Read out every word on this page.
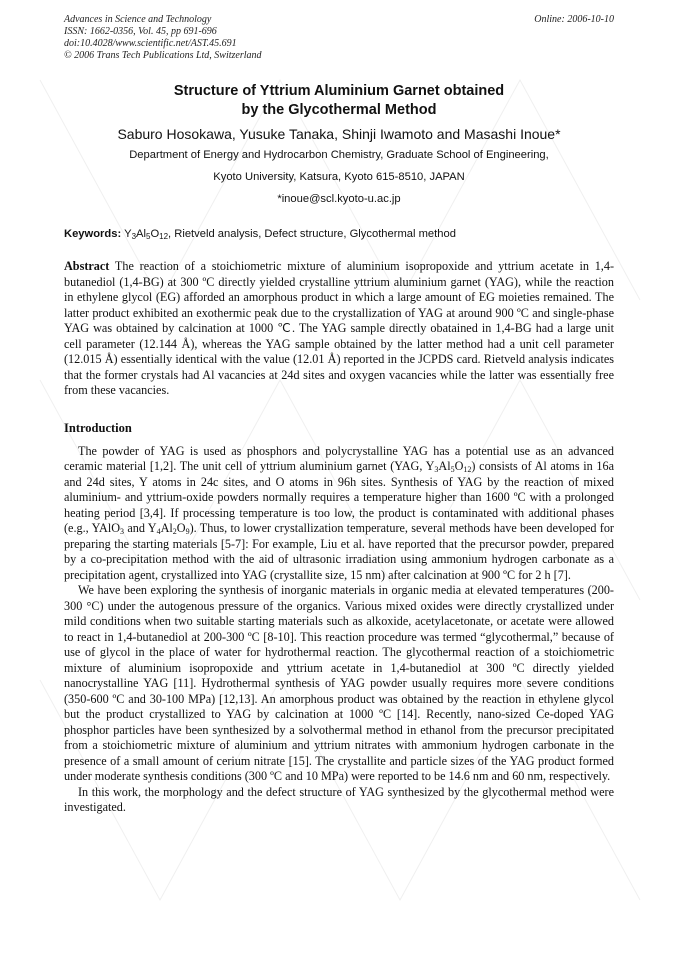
Advances in Science and Technology
ISSN: 1662-0356, Vol. 45, pp 691-696
doi:10.4028/www.scientific.net/AST.45.691
© 2006 Trans Tech Publications Ltd, Switzerland
Online: 2006-10-10
Structure of Yttrium Aluminium Garnet obtained
by the Glycothermal Method
Saburo Hosokawa, Yusuke Tanaka, Shinji Iwamoto and Masashi Inoue*
Department of Energy and Hydrocarbon Chemistry, Graduate School of Engineering,
Kyoto University, Katsura, Kyoto 615-8510, JAPAN
*inoue@scl.kyoto-u.ac.jp
Keywords: $Y_3Al_5O_{12}$, Rietveld analysis, Defect structure, Glycothermal method

Abstract The reaction of a stoichiometric mixture of aluminium isopropoxide and yttrium acetate in 1,4-butanediol (1,4-BG) at 300 ºC directly yielded crystalline yttrium aluminium garnet (YAG), while the reaction in ethylene glycol (EG) afforded an amorphous product in which a large amount of EG moieties remained. The latter product exhibited an exothermic peak due to the crystallization of YAG at around 900 ºC and single-phase YAG was obtained by calcination at 1000 ℃. The YAG sample directly obatained in 1,4-BG had a large unit cell parameter (12.144 Å), whereas the YAG sample obtained by the latter method had a unit cell parameter (12.015 Å) essentially identical with the value (12.01 Å) reported in the JCPDS card. Rietveld analysis indicates that the former crystals had Al vacancies at 24d sites and oxygen vacancies while the latter was essentially free from these vacancies.

Introduction

The powder of YAG is used as phosphors and polycrystalline YAG has a potential use as an advanced ceramic material [1,2]. The unit cell of yttrium aluminium garnet (YAG, $Y_3Al_5O_{12}$) consists of Al atoms in 16a and 24d sites, Y atoms in 24c sites, and O atoms in 96h sites. Synthesis of YAG by the reaction of mixed aluminium- and yttrium-oxide powders normally requires a temperature higher than 1600 ºC with a prolonged heating period [3,4]. If processing temperature is too low, the product is contaminated with additional phases (e.g., YAlO$_3$ and $Y_4Al_2O_9$). Thus, to lower crystallization temperature, several methods have been developed for preparing the starting materials [5-7]: For example, Liu et al. have reported that the precursor powder, prepared by a co-precipitation method with the aid of ultrasonic irradiation using ammonium hydrogen carbonate as a precipitation agent, crystallized into YAG (crystallite size, 15 nm) after calcination at 900 ºC for 2 h [7].

We have been exploring the synthesis of inorganic materials in organic media at elevated temperatures (200-300 °C) under the autogenous pressure of the organics. Various mixed oxides were directly crystallized under mild conditions when two suitable starting materials such as alkoxide, acetylacetonate, or acetate were allowed to react in 1,4-butanediol at 200-300 ºC [8-10]. This reaction procedure was termed “glycothermal,” because of use of glycol in the place of water for hydrothermal reaction. The glycothermal reaction of a stoichiometric mixture of aluminium isopropoxide and yttrium acetate in 1,4-butanediol at 300 ºC directly yielded nanocrystalline YAG [11]. Hydrothermal synthesis of YAG powder usually requires more severe conditions (350-600 ºC and 30-100 MPa) [12,13]. An amorphous product was obtained by the reaction in ethylene glycol but the product crystallized to YAG by calcination at 1000 ºC [14]. Recently, nano-sized Ce-doped YAG phosphor particles have been synthesized by a solvothermal method in ethanol from the precursor precipitated from a stoichiometric mixture of aluminium and yttrium nitrates with ammonium hydrogen carbonate in the presence of a small amount of cerium nitrate [15]. The crystallite and particle sizes of the YAG product formed under moderate synthesis conditions (300 ºC and 10 MPa) were reported to be 14.6 nm and 60 nm, respectively.

In this work, the morphology and the defect structure of YAG synthesized by the glycothermal method were investigated.
